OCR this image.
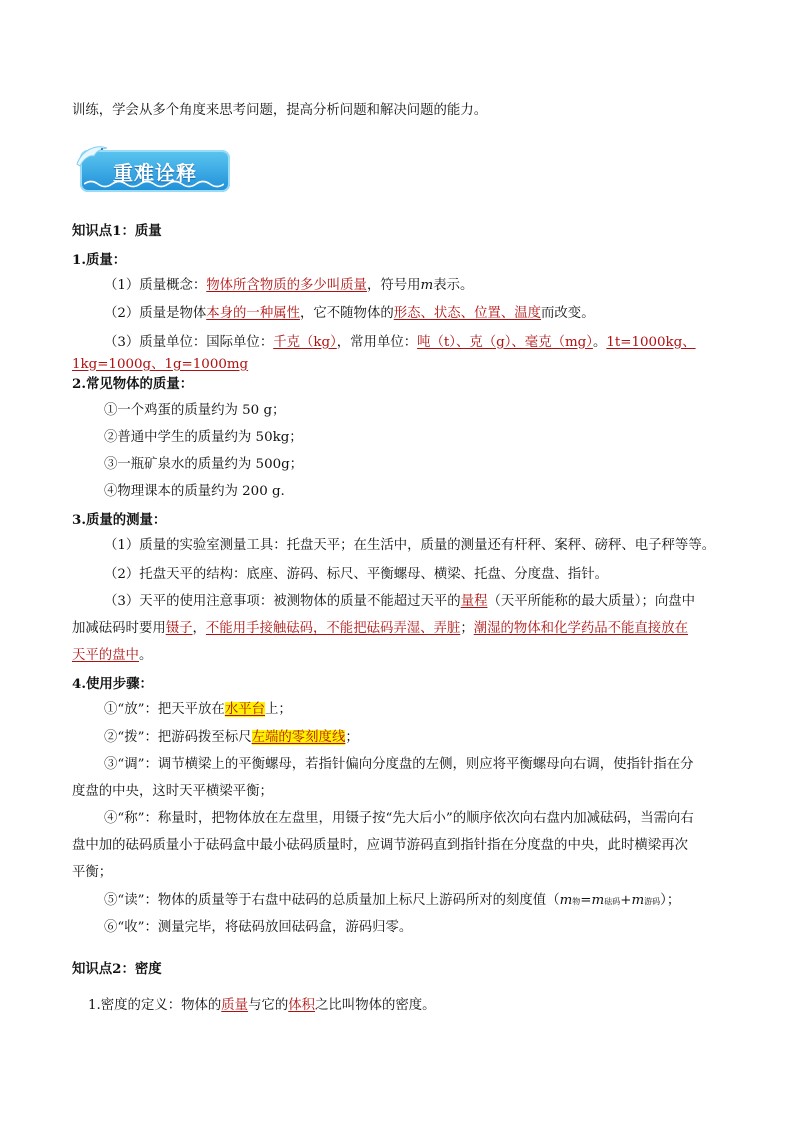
训练，学会从多个角度来思考问题，提高分析问题和解决问题的能力。
重难诠释
知识点1：质量
1.质量：
（1）质量概念：物体所含物质的多少叫质量，符号用m表示。
（2）质量是物体本身的一种属性，它不随物体的形态、状态、位置、温度而改变。
（3）质量单位：国际单位：千克（kg），常用单位：吨（t）、克（g）、毫克（mg）。1t=1000kg、
1kg=1000g、1g=1000mg
2.常见物体的质量：
①一个鸡蛋的质量约为 50 g；
②普通中学生的质量约为 50kg；
③一瓶矿泉水的质量约为 500g；
④物理课本的质量约为 200 g.
3.质量的测量：
（1）质量的实验室测量工具：托盘天平；在生活中，质量的测量还有杆秤、案秤、磅秤、电子秤等等。
（2）托盘天平的结构：底座、游码、标尺、平衡螺母、横梁、托盘、分度盘、指针。
（3）天平的使用注意事项：被测物体的质量不能超过天平的量程（天平所能称的最大质量）；向盘中
加减砝码时要用镊子，不能用手接触砝码，不能把砝码弄湿、弄脏；潮湿的物体和化学药品不能直接放在
天平的盘中。
4.使用步骤：
①“放”：把天平放在水平台上；
②“拨”：把游码拨至标尺左端的零刻度线；
③“调”：调节横梁上的平衡螺母，若指针偏向分度盘的左侧，则应将平衡螺母向右调，使指针指在分
度盘的中央，这时天平横梁平衡；
④“称”：称量时，把物体放在左盘里，用镊子按“先大后小”的顺序依次向右盘内加减砝码，当需向右
盘中加的砝码质量小于砝码盒中最小砝码质量时，应调节游码直到指针指在分度盘的中央，此时横梁再次
平衡；
⑤“读”：物体的质量等于右盘中砝码的总质量加上标尺上游码所对的刻度值（m物=m砝码+m游码）；
⑥“收”：测量完毕，将砝码放回砝码盒，游码归零。
知识点2：密度
1.密度的定义：物体的质量与它的体积之比叫物体的密度。
